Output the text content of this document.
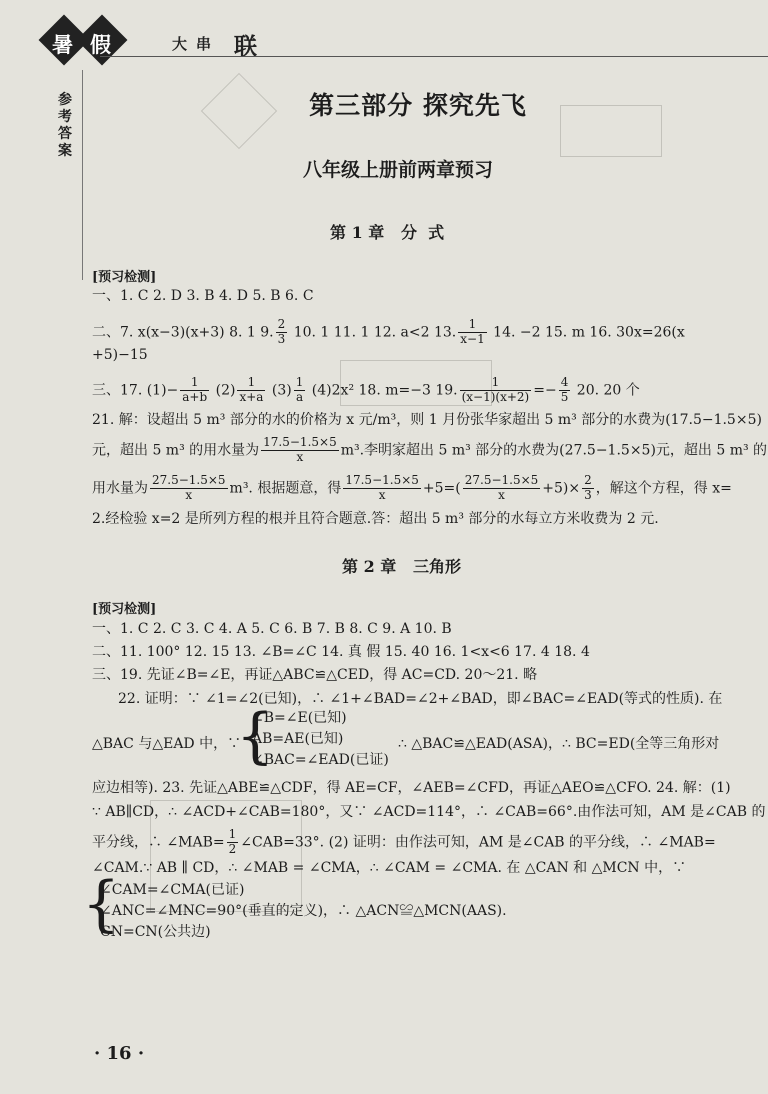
暑 假	大 串 联
参考答案
第三部分 探究先飞
八年级上册前两章预习
第 1 章   分  式
[预习检测]
一、1. C 2. D 3. B 4. D 5. B 6. C
二、7. x(x−3)(x+3) 8. 1 9. $\frac{2}{3} 10$. 1 11. 1 12. a<2 13. $\frac{1}{x-1} 14$. −2 15. m 16. 30x=26(x
+5)−15
三、17. $(1)- \frac{1}{a+b} (2) \frac{1}{x+a} (3) \frac{1}{a} (4)2x^2$ 18. m=−3 19. $\frac{1}{(x-1)(x+2)} =- \frac{4}{5} 20$. 20 个
21. 解：设超出 5 m³ 部分的水的价格为 x 元/m³，则 1 月份张华家超出 5 m³ 部分的水费为(17.5−1.5×5)
元，超出 5 m³ 的用水量为 $\frac{17.5-1.5\times 5}{x} m^3$.李明家超出 5 m³ 部分的水费为(27.5−1.5×5)元，超出 5 m³ 的
用水量为 $\frac{27.5-1.5\times 5}{x} m^3$. 根据题意，得 $\frac{17.5-1.5\times 5}{x} +5=( \frac{27.5-1.5\times 5}{x} +5)\times \frac{2}{3}$ ，解这个方程，得 x=
2.经检验 x=2 是所列方程的根并且符合题意.答：超出 5 m³ 部分的水每立方米收费为 2 元.
第 2 章   三角形
[预习检测]
一、1. C 2. C 3. C 4. A 5. C 6. B 7. B 8. C 9. A 10. B
二、11. 100° 12. 15 13. ∠B=∠C 14. 真 假 15. 40 16. 1<x<6 17. 4 18. 4
三、19. 先证∠B=∠E，再证△ABC≌△CED，得 AC=CD. 20～21. 略
22. 证明：∵ ∠1=∠2(已知)，∴ ∠1+∠BAD=∠2+∠BAD，即∠BAC=∠EAD(等式的性质). 在
△BAC 与△EAD 中，∵
{
∠B=∠E(已知)
AB=AE(已知)
∠BAC=∠EAD(已证)
∴ △BAC≌△EAD(ASA)，∴ BC=ED(全等三角形对
应边相等). 23. 先证△ABE≌△CDF，得 AE=CF，∠AEB=∠CFD，再证△AEO≌△CFO. 24. 解：(1)
∵ AB∥CD，∴ ∠ACD+∠CAB=180°，又∵ ∠ACD=114°，∴ ∠CAB=66°.由作法可知，AM 是∠CAB 的
平分线，∴ ∠MAB= $\frac{1}{2}$ ∠CAB=33°. (2) 证明：由作法可知，AM 是∠CAB 的平分线，∴ ∠MAB=
∠CAM.∵ AB ∥ CD，∴ ∠MAB = ∠CMA，∴ ∠CAM = ∠CMA. 在 △CAN 和 △MCN 中，∵
{
∠CAM=∠CMA(已证)
∠ANC=∠MNC=90°(垂直的定义)，∴ △ACN≌△MCN(AAS).
CN=CN(公共边)
· 16 ·
